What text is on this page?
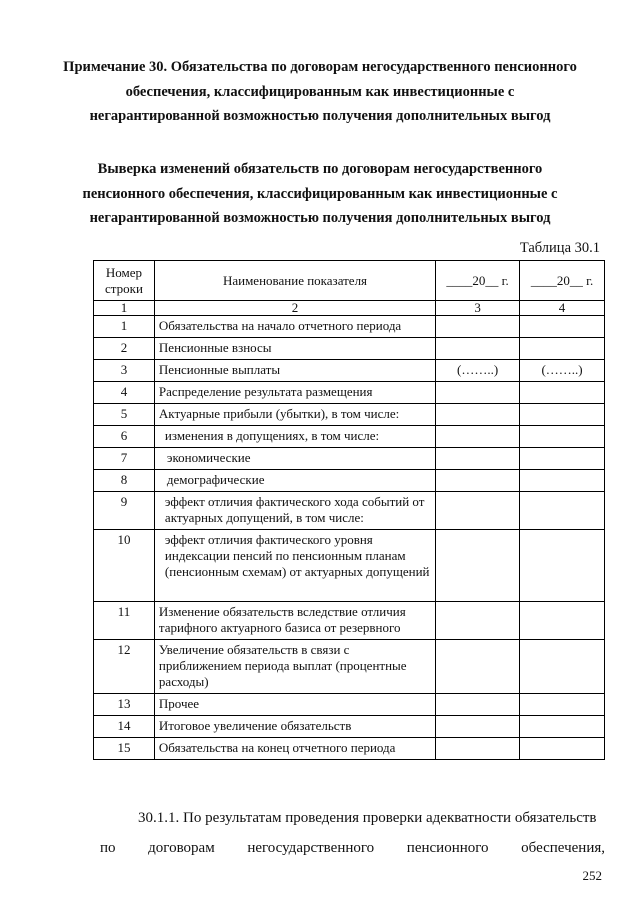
Примечание 30. Обязательства по договорам негосударственного пенсионного обеспечения, классифицированным как инвестиционные с негарантированной возможностью получения дополнительных выгод
Выверка изменений обязательств по договорам негосударственного пенсионного обеспечения, классифицированным как инвестиционные с негарантированной возможностью получения дополнительных выгод
Таблица 30.1
Номер строки	Наименование показателя	____20__ г.	____20__ г.
1	2	3	4
1	Обязательства на начало отчетного периода		
2	Пенсионные взносы		
3	Пенсионные выплаты	(……..)	(……..)
4	Распределение результата размещения		
5	Актуарные прибыли (убытки), в том числе:		
6	изменения в допущениях, в том числе:		
7	экономические		
8	демографические		
9	эффект отличия фактического хода событий от актуарных допущений, в том числе:		
10	эффект отличия фактического уровня индексации пенсий по пенсионным планам (пенсионным схемам) от актуарных допущений		
11	Изменение обязательств вследствие отличия тарифного актуарного базиса от резервного		
12	Увеличение обязательств в связи с приближением периода выплат (процентные расходы)		
13	Прочее		
14	Итоговое увеличение обязательств		
15	Обязательства на конец отчетного периода		
30.1.1. По результатам проведения проверки адекватности обязательств
по договорам негосударственного пенсионного обеспечения,
252
